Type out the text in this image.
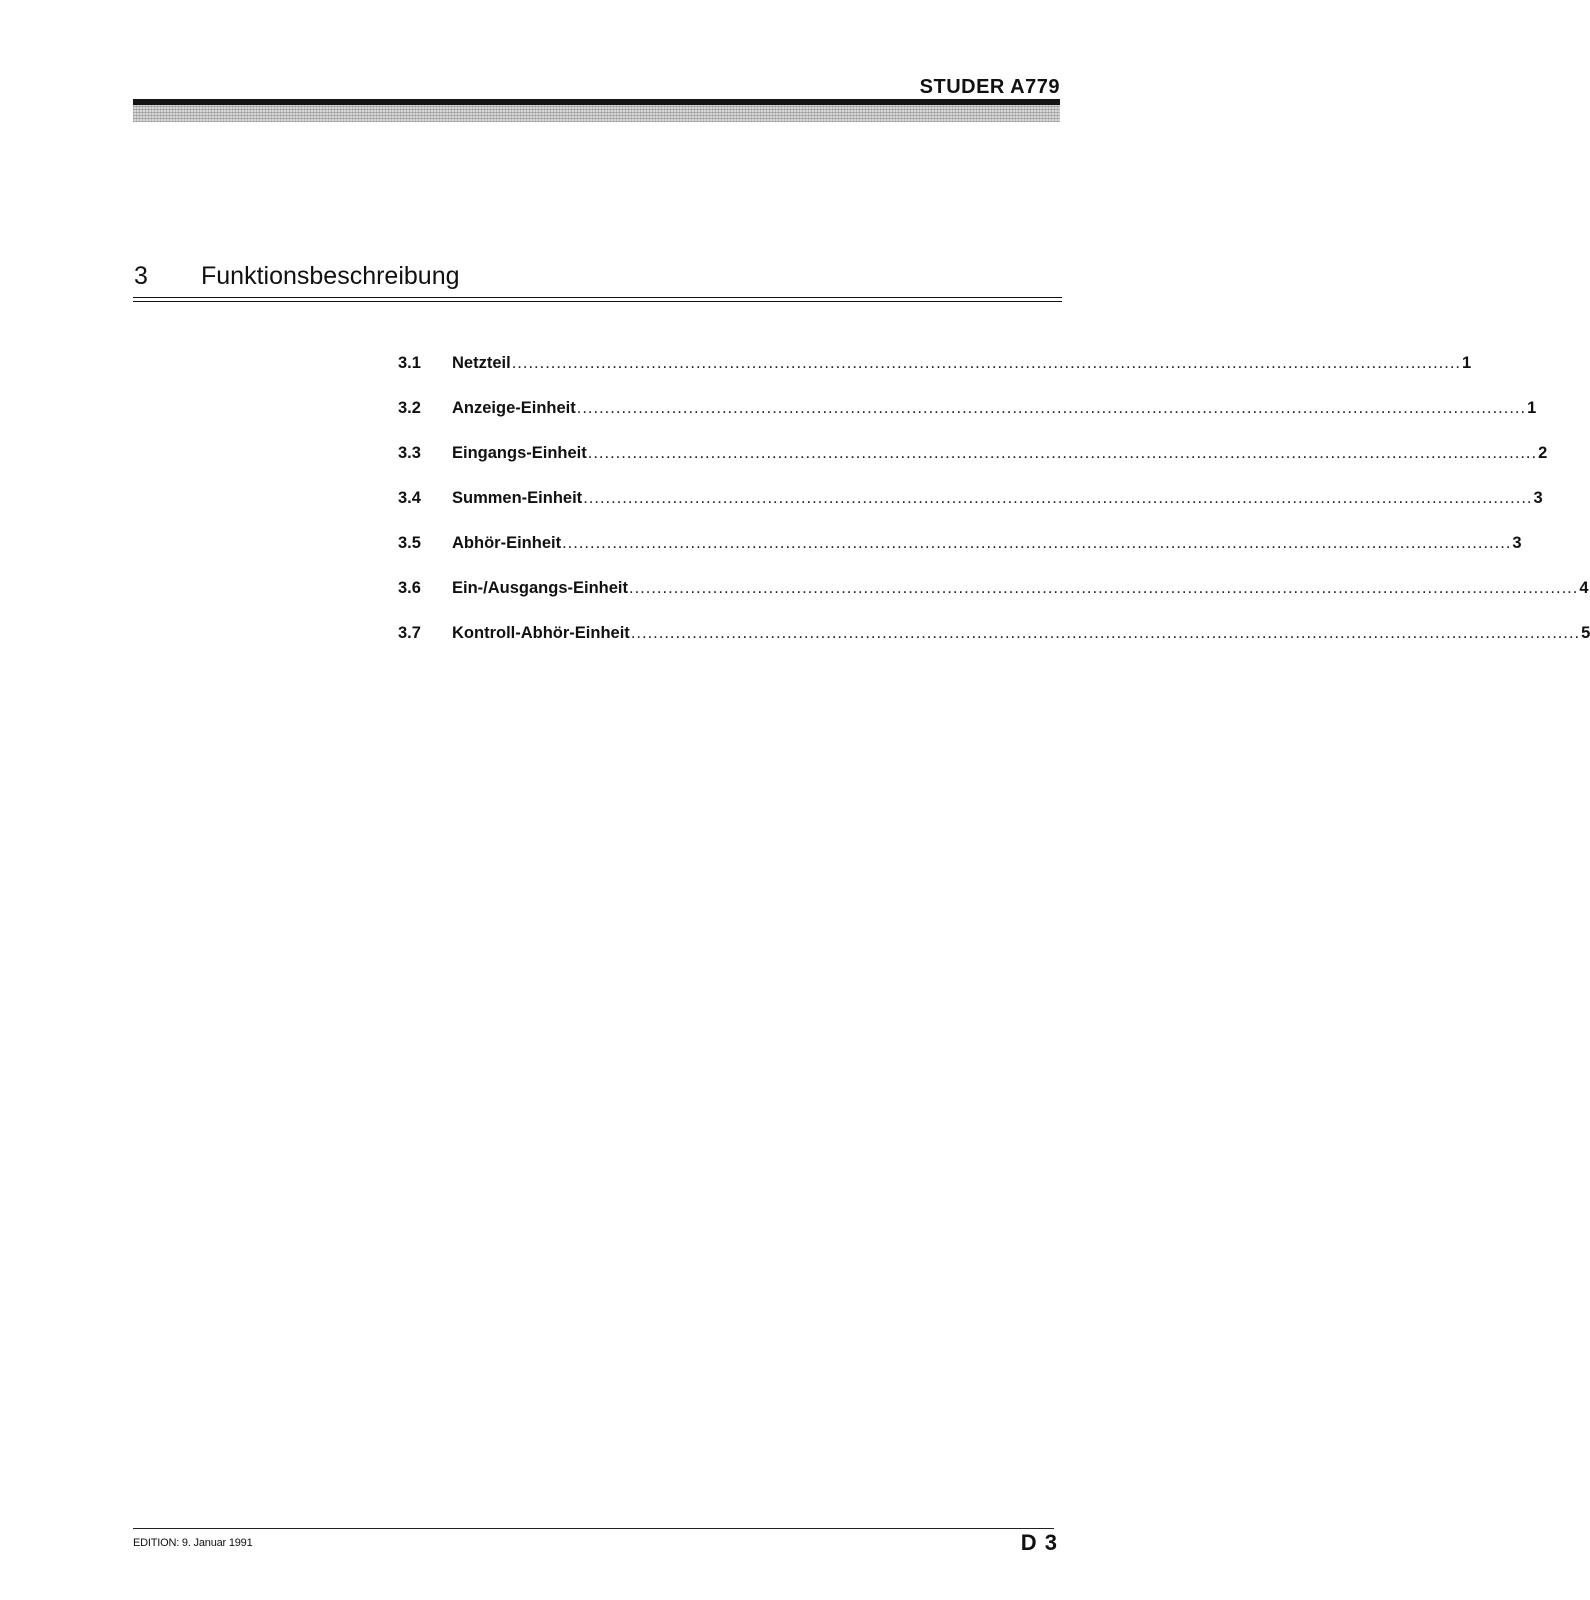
STUDER A779
3 Funktionsbeschreibung
3.1	Netzteil .......................................................................................................................................................................... 1
3.2	Anzeige-Einheit .......................................................................................................................................................................... 1
3.3	Eingangs-Einheit .......................................................................................................................................................................... 2
3.4	Summen-Einheit .......................................................................................................................................................................... 3
3.5	Abhör-Einheit .......................................................................................................................................................................... 3
3.6	Ein-/Ausgangs-Einheit .......................................................................................................................................................................... 4
3.7	Kontroll-Abhör-Einheit .......................................................................................................................................................................... 5
EDITION: 9. Januar 1991	D 3
